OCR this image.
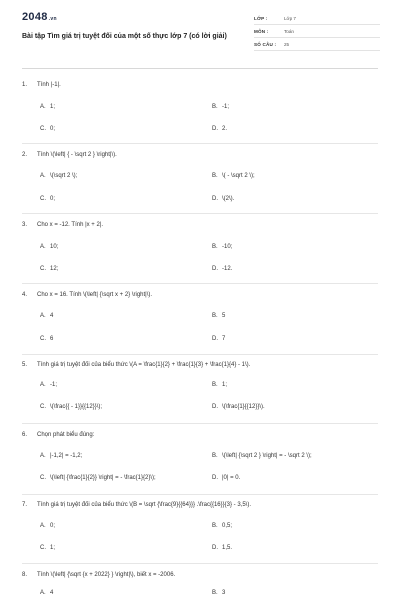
2048.vn
Bài tập Tìm giá trị tuyệt đối của một số thực lớp 7 (có lời giải)
LỚP :	Lớp 7
MÔN :	Toán
SỐ CÂU : 25
1. Tính |-1|.
A. 1;	B. -1;
C. 0;	D. 2.
2. Tính \(\left| { - \sqrt 2 } \right|\).
A. \(\sqrt 2 \);	B. \( - \sqrt 2 \);
C. 0;	D. \(2\).
3. Cho x = -12. Tính |x + 2|.
A. 10;	B. -10;
C. 12;	D. -12.
4. Cho x = 16. Tính \(\left| {\sqrt x + 2} \right|\).
A. 4	B. 5
C. 6	D. 7
5. Tính giá trị tuyệt đối của biểu thức \(A = \frac{1}{2} + \frac{1}{3} + \frac{1}{4} - 1\).
A. -1;	B. 1;
C. \(\frac{{ - 1}}{{12}}\);	D. \(\frac{1}{{12}}\).
6. Chọn phát biểu đúng:
A. |-1,2| = -1,2;	B. \(\left| {\sqrt 2 } \right| = - \sqrt 2 \);
C. \(\left| {\frac{1}{2}} \right| = - \frac{1}{2}\);	D. |0| = 0.
7. Tính giá trị tuyệt đối của biểu thức \(B = \sqrt {\frac{9}{{64}}} .\frac{{16}}{3} - 3,5\).
A. 0;	B. 0,5;
C. 1;	D. 1,5.
8. Tính \(\left| {\sqrt {x + 2022} } \right|\), biết x = -2006.
A. 4	B. 3
